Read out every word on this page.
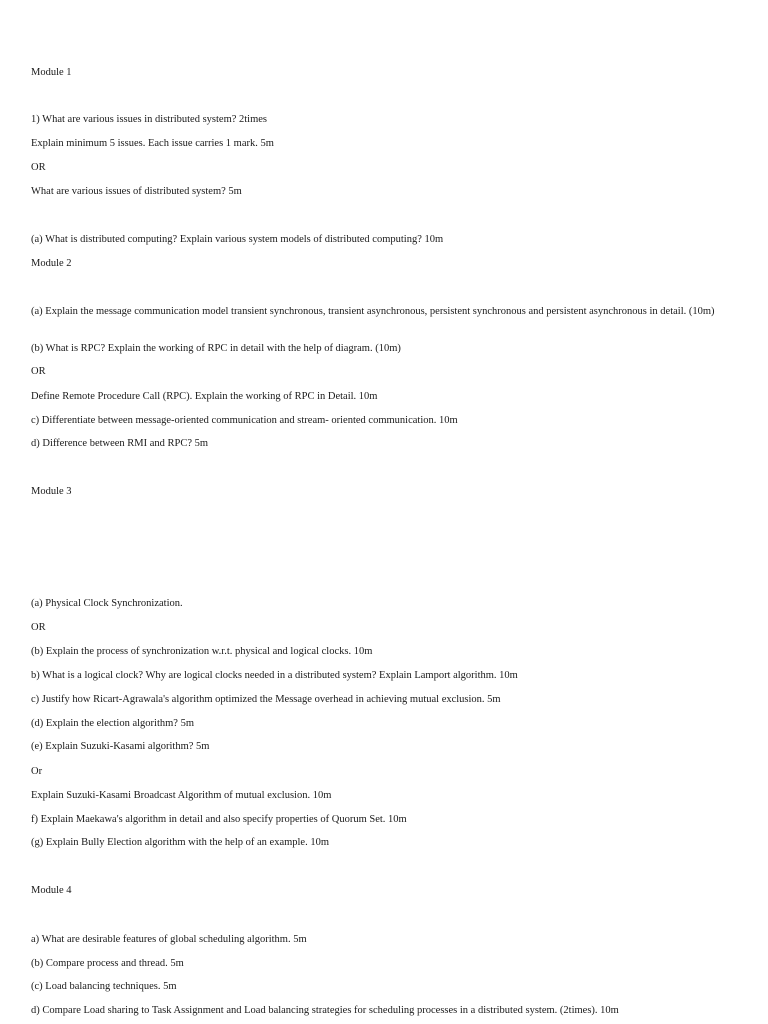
Module 1
1) What are various issues in distributed system? 2times
Explain minimum 5 issues. Each issue carries 1 mark. 5m
OR
What are various issues of distributed system? 5m
(a) What is distributed computing? Explain various system models of distributed computing? 10m
Module 2
(a) Explain the message communication model transient synchronous, transient asynchronous, persistent synchronous and persistent asynchronous in detail. (10m)
(b) What is RPC? Explain the working of RPC in detail with the help of diagram. (10m)
OR
Define Remote Procedure Call (RPC). Explain the working of RPC in Detail. 10m
c) Differentiate between message-oriented communication and stream- oriented communication. 10m
d) Difference between RMI and RPC? 5m
Module 3
(a) Physical Clock Synchronization.
OR
(b) Explain the process of synchronization w.r.t. physical and logical clocks. 10m
b) What is a logical clock? Why are logical clocks needed in a distributed system? Explain Lamport algorithm. 10m
c) Justify how Ricart-Agrawala's algorithm optimized the Message overhead in achieving mutual exclusion. 5m
(d) Explain the election algorithm? 5m
(e) Explain Suzuki-Kasami algorithm? 5m
Or
Explain Suzuki-Kasami Broadcast Algorithm of mutual exclusion. 10m
f) Explain Maekawa's algorithm in detail and also specify properties of Quorum Set. 10m
(g) Explain Bully Election algorithm with the help of an example. 10m
Module 4
a) What are desirable features of global scheduling algorithm. 5m
(b) Compare process and thread. 5m
(c) Load balancing techniques. 5m
d) Compare Load sharing to Task Assignment and Load balancing strategies for scheduling processes in a distributed system. (2times). 10m
